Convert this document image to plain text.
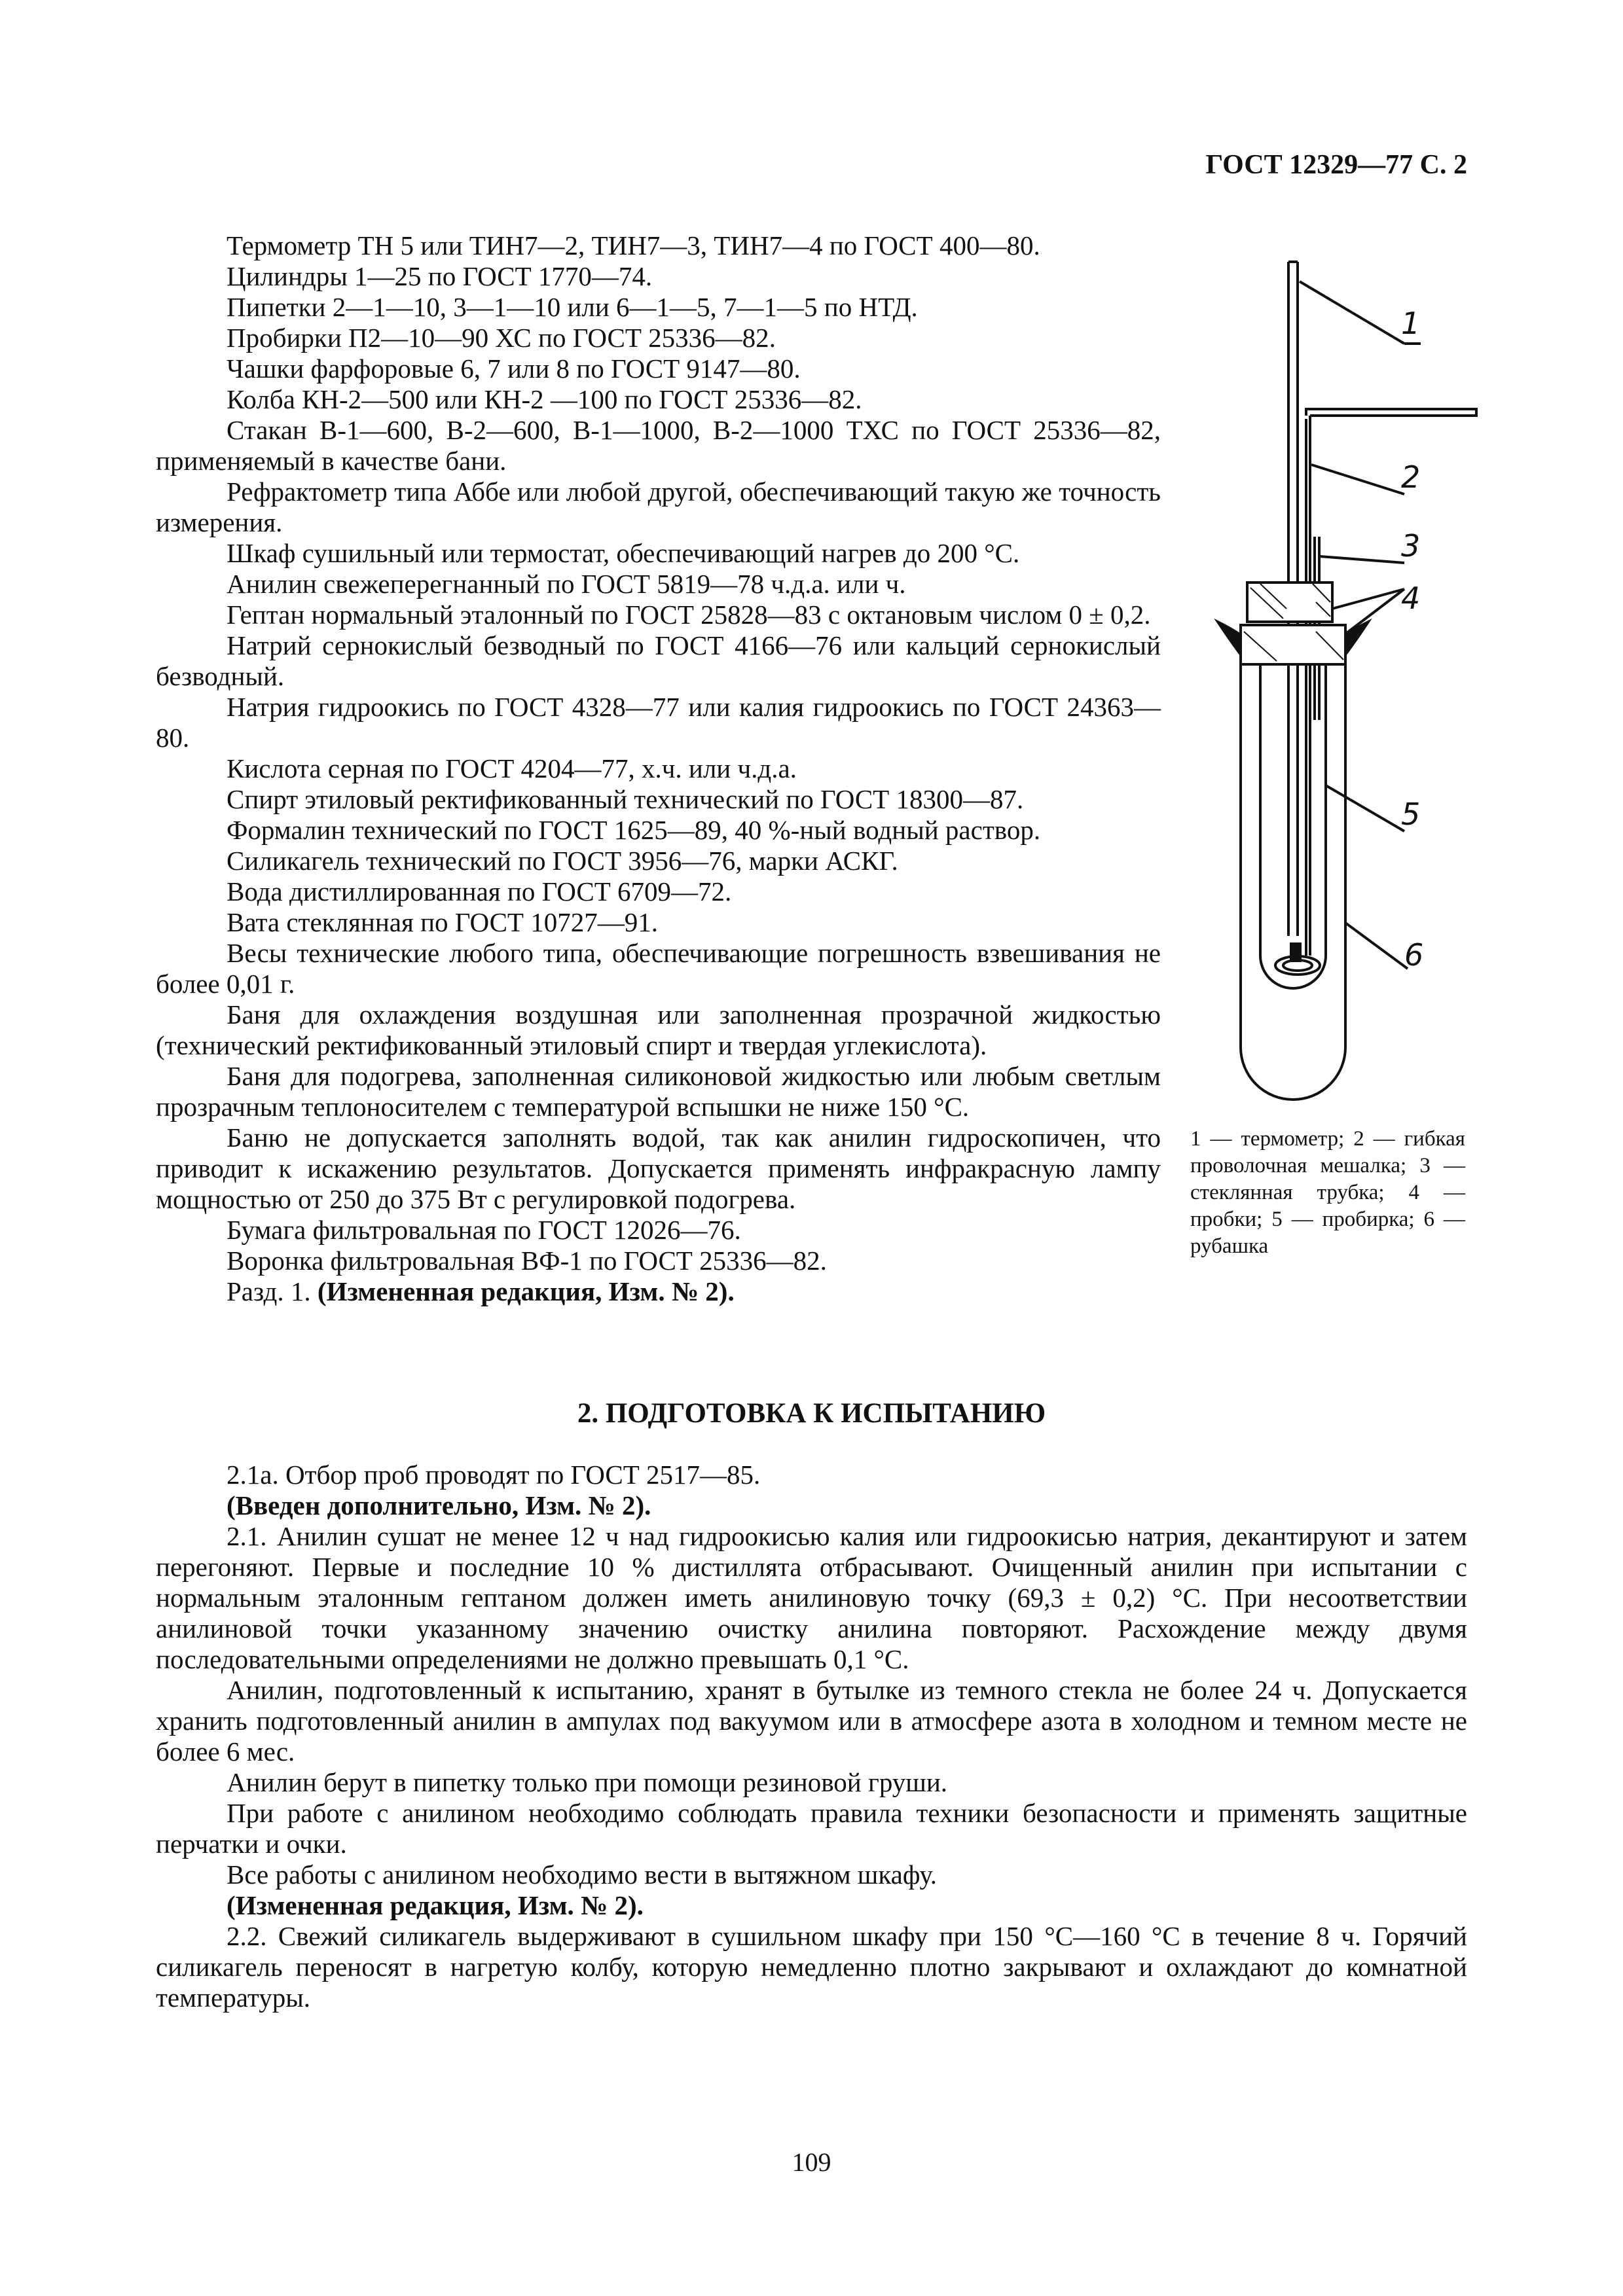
ГОСТ 12329—77 С. 2

Термометр ТН 5 или ТИН7—2, ТИН7—3, ТИН7—4 по ГОСТ 400—80.

Цилиндры 1—25 по ГОСТ 1770—74.

Пипетки 2—1—10, 3—1—10 или 6—1—5, 7—1—5 по НТД.

Пробирки П2—10—90 ХС по ГОСТ 25336—82.

Чашки фарфоровые 6, 7 или 8 по ГОСТ 9147—80.

Колба КН-2—500 или КН-2 —100 по ГОСТ 25336—82.

Стакан В-1—600, В-2—600, В-1—1000, В-2—1000 ТХС по ГОСТ 25336—82, применяемый в качестве бани.

Рефрактометр типа Аббе или любой другой, обеспечивающий такую же точность измерения.

Шкаф сушильный или термостат, обеспечивающий нагрев до 200 °С.

Анилин свежеперегнанный по ГОСТ 5819—78 ч.д.а. или ч.

Гептан нормальный эталонный по ГОСТ 25828—83 с октановым числом 0 ± 0,2.

Натрий сернокислый безводный по ГОСТ 4166—76 или кальций сернокислый безводный.

Натрия гидроокись по ГОСТ 4328—77 или калия гидроокись по ГОСТ 24363—80.

Кислота серная по ГОСТ 4204—77, х.ч. или ч.д.а.

Спирт этиловый ректификованный технический по ГОСТ 18300—87.

Формалин технический по ГОСТ 1625—89, 40 %-ный водный раствор.

Силикагель технический по ГОСТ 3956—76, марки АСКГ.

Вода дистиллированная по ГОСТ 6709—72.

Вата стеклянная по ГОСТ 10727—91.

Весы технические любого типа, обеспечивающие погрешность взвешивания не более 0,01 г.

Баня для охлаждения воздушная или заполненная прозрачной жидкостью (технический ректификованный этиловый спирт и твердая углекислота).

Баня для подогрева, заполненная силиконовой жидкостью или любым светлым прозрачным теплоносителем с температурой вспышки не ниже 150 °С.

Баню не допускается заполнять водой, так как анилин гидроскопичен, что приводит к искажению результатов. Допускается применять инфракрасную лампу мощностью от 250 до 375 Вт с регулировкой подогрева.

Бумага фильтровальная по ГОСТ 12026—76.

Воронка фильтровальная ВФ-1 по ГОСТ 25336—82.

Разд. 1. (Измененная редакция, Изм. № 2).

1
2
3
4
5
6

1 — термометр; 2 — гибкая проволочная мешалка; 3 — стеклянная трубка; 4 — пробки; 5 — пробирка; 6 — рубашка

2. ПОДГОТОВКА К ИСПЫТАНИЮ

2.1а. Отбор проб проводят по ГОСТ 2517—85.

(Введен дополнительно, Изм. № 2).

2.1. Анилин сушат не менее 12 ч над гидроокисью калия или гидроокисью натрия, декантируют и затем перегоняют. Первые и последние 10 % дистиллята отбрасывают. Очищенный анилин при испытании с нормальным эталонным гептаном должен иметь анилиновую точку (69,3 ± 0,2) °С. При несоответствии анилиновой точки указанному значению очистку анилина повторяют. Расхождение между двумя последовательными определениями не должно превышать 0,1 °С.

Анилин, подготовленный к испытанию, хранят в бутылке из темного стекла не более 24 ч. Допускается хранить подготовленный анилин в ампулах под вакуумом или в атмосфере азота в холодном и темном месте не более 6 мес.

Анилин берут в пипетку только при помощи резиновой груши.

При работе с анилином необходимо соблюдать правила техники безопасности и применять защитные перчатки и очки.

Все работы с анилином необходимо вести в вытяжном шкафу.

(Измененная редакция, Изм. № 2).

2.2. Свежий силикагель выдерживают в сушильном шкафу при 150 °С—160 °С в течение 8 ч. Горячий силикагель переносят в нагретую колбу, которую немедленно плотно закрывают и охлаждают до комнатной температуры.

109
